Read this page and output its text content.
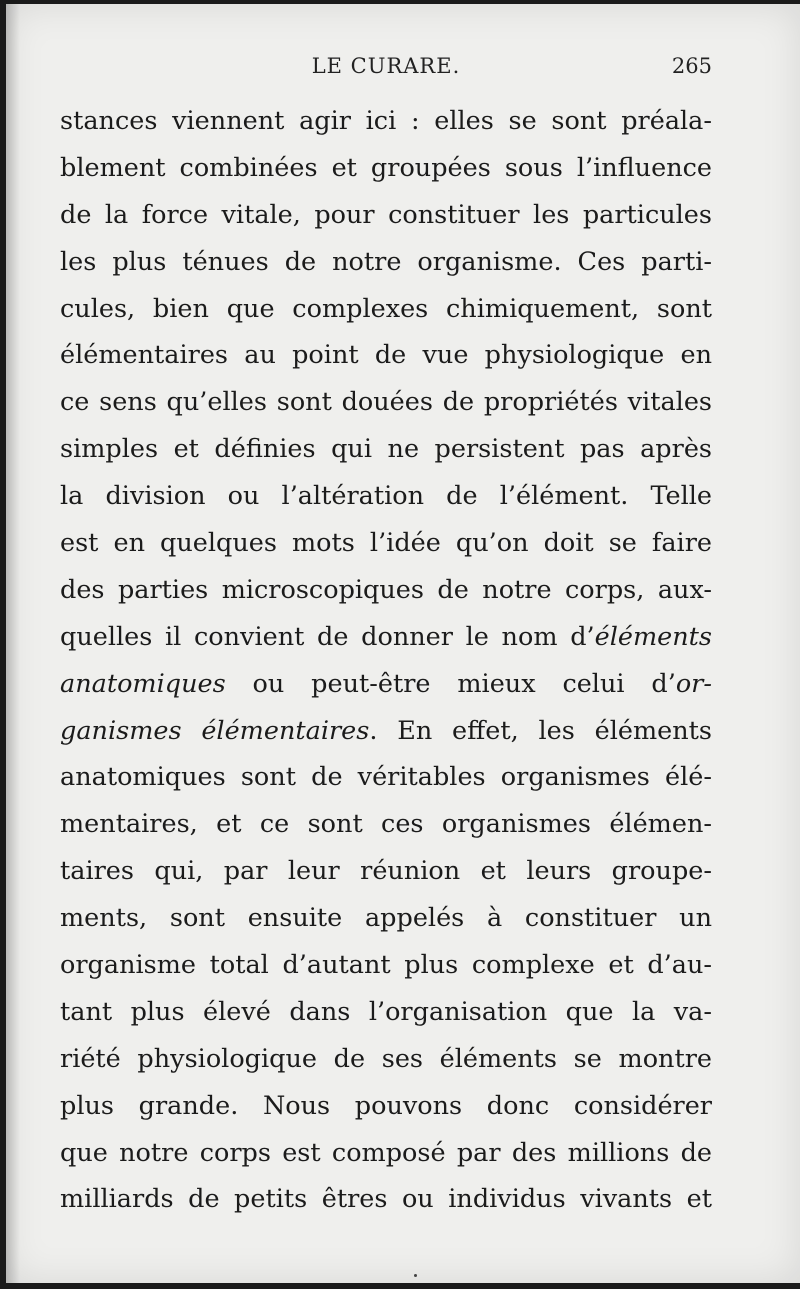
LE CURARE.	265
stances viennent agir ici : elles se sont préala-
blement combinées et groupées sous l’influence
de la force vitale, pour constituer les particules
les plus ténues de notre organisme. Ces parti-
cules, bien que complexes chimiquement, sont
élémentaires au point de vue physiologique en
ce sens qu’elles sont douées de propriétés vitales
simples et définies qui ne persistent pas après
la division ou l’altération de l’élément. Telle
est en quelques mots l’idée qu’on doit se faire
des parties microscopiques de notre corps, aux-
quelles il convient de donner le nom d’éléments
anatomiques ou peut-être mieux celui d’or-
ganismes élémentaires. En effet, les éléments
anatomiques sont de véritables organismes élé-
mentaires, et ce sont ces organismes élémen-
taires qui, par leur réunion et leurs groupe-
ments, sont ensuite appelés à constituer un
organisme total d’autant plus complexe et d’au-
tant plus élevé dans l’organisation que la va-
riété physiologique de ses éléments se montre
plus grande. Nous pouvons donc considérer
que notre corps est composé par des millions de
milliards de petits êtres ou individus vivants et
